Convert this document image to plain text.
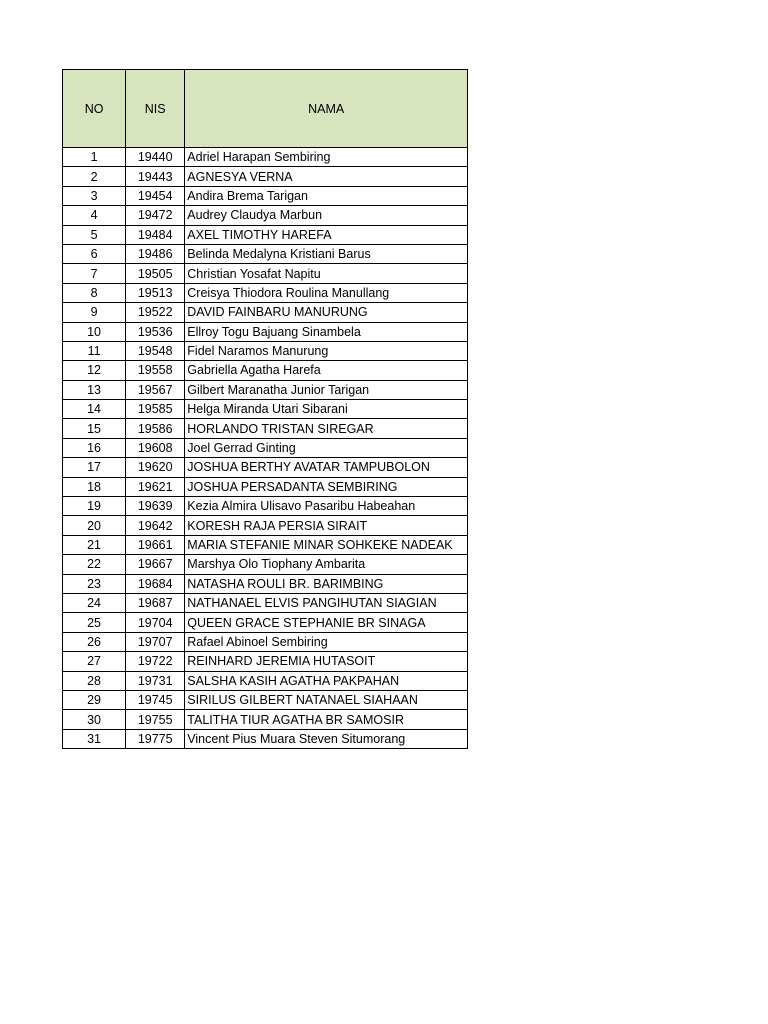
NO	NIS	NAMA
1	19440	Adriel Harapan Sembiring
2	19443	AGNESYA VERNA
3	19454	Andira Brema Tarigan
4	19472	Audrey Claudya Marbun
5	19484	AXEL TIMOTHY HAREFA
6	19486	Belinda Medalyna Kristiani Barus
7	19505	Christian Yosafat Napitu
8	19513	Creisya Thiodora Roulina Manullang
9	19522	DAVID FAINBARU MANURUNG
10	19536	Ellroy Togu Bajuang Sinambela
11	19548	Fidel Naramos Manurung
12	19558	Gabriella Agatha Harefa
13	19567	Gilbert Maranatha Junior Tarigan
14	19585	Helga Miranda Utari Sibarani
15	19586	HORLANDO TRISTAN SIREGAR
16	19608	Joel Gerrad Ginting
17	19620	JOSHUA BERTHY AVATAR TAMPUBOLON
18	19621	JOSHUA PERSADANTA SEMBIRING
19	19639	Kezia Almira Ulisavo Pasaribu Habeahan
20	19642	KORESH RAJA PERSIA SIRAIT
21	19661	MARIA STEFANIE MINAR SOHKEKE NADEAK
22	19667	Marshya Olo Tiophany Ambarita
23	19684	NATASHA ROULI BR. BARIMBING
24	19687	NATHANAEL ELVIS PANGIHUTAN SIAGIAN
25	19704	QUEEN GRACE STEPHANIE BR SINAGA
26	19707	Rafael Abinoel Sembiring
27	19722	REINHARD JEREMIA HUTASOIT
28	19731	SALSHA KASIH AGATHA PAKPAHAN
29	19745	SIRILUS GILBERT NATANAEL SIAHAAN
30	19755	TALITHA TIUR AGATHA BR SAMOSIR
31	19775	Vincent Pius Muara Steven Situmorang
